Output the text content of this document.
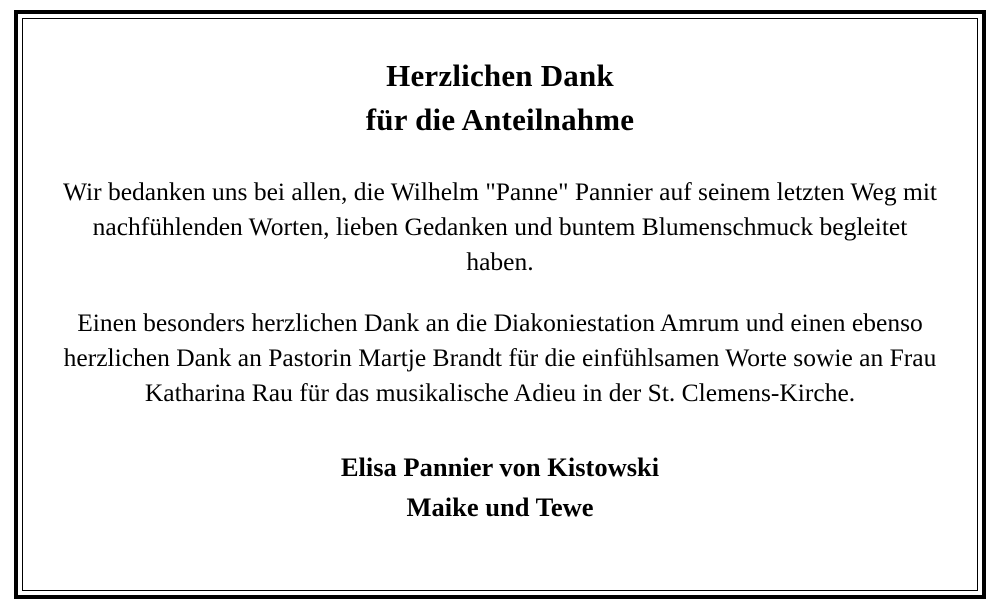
Herzlichen Dank
für die Anteilnahme

Wir bedanken uns bei allen, die Wilhelm "Panne" Pannier auf seinem letzten Weg mit nachfühlenden Worten, lieben Gedanken und buntem Blumenschmuck begleitet haben.

Einen besonders herzlichen Dank an die Diakoniestation Amrum und einen ebenso herzlichen Dank an Pastorin Martje Brandt für die einfühlsamen Worte sowie an Frau Katharina Rau für das musikalische Adieu in der St. Clemens-Kirche.

Elisa Pannier von Kistowski
Maike und Tewe
